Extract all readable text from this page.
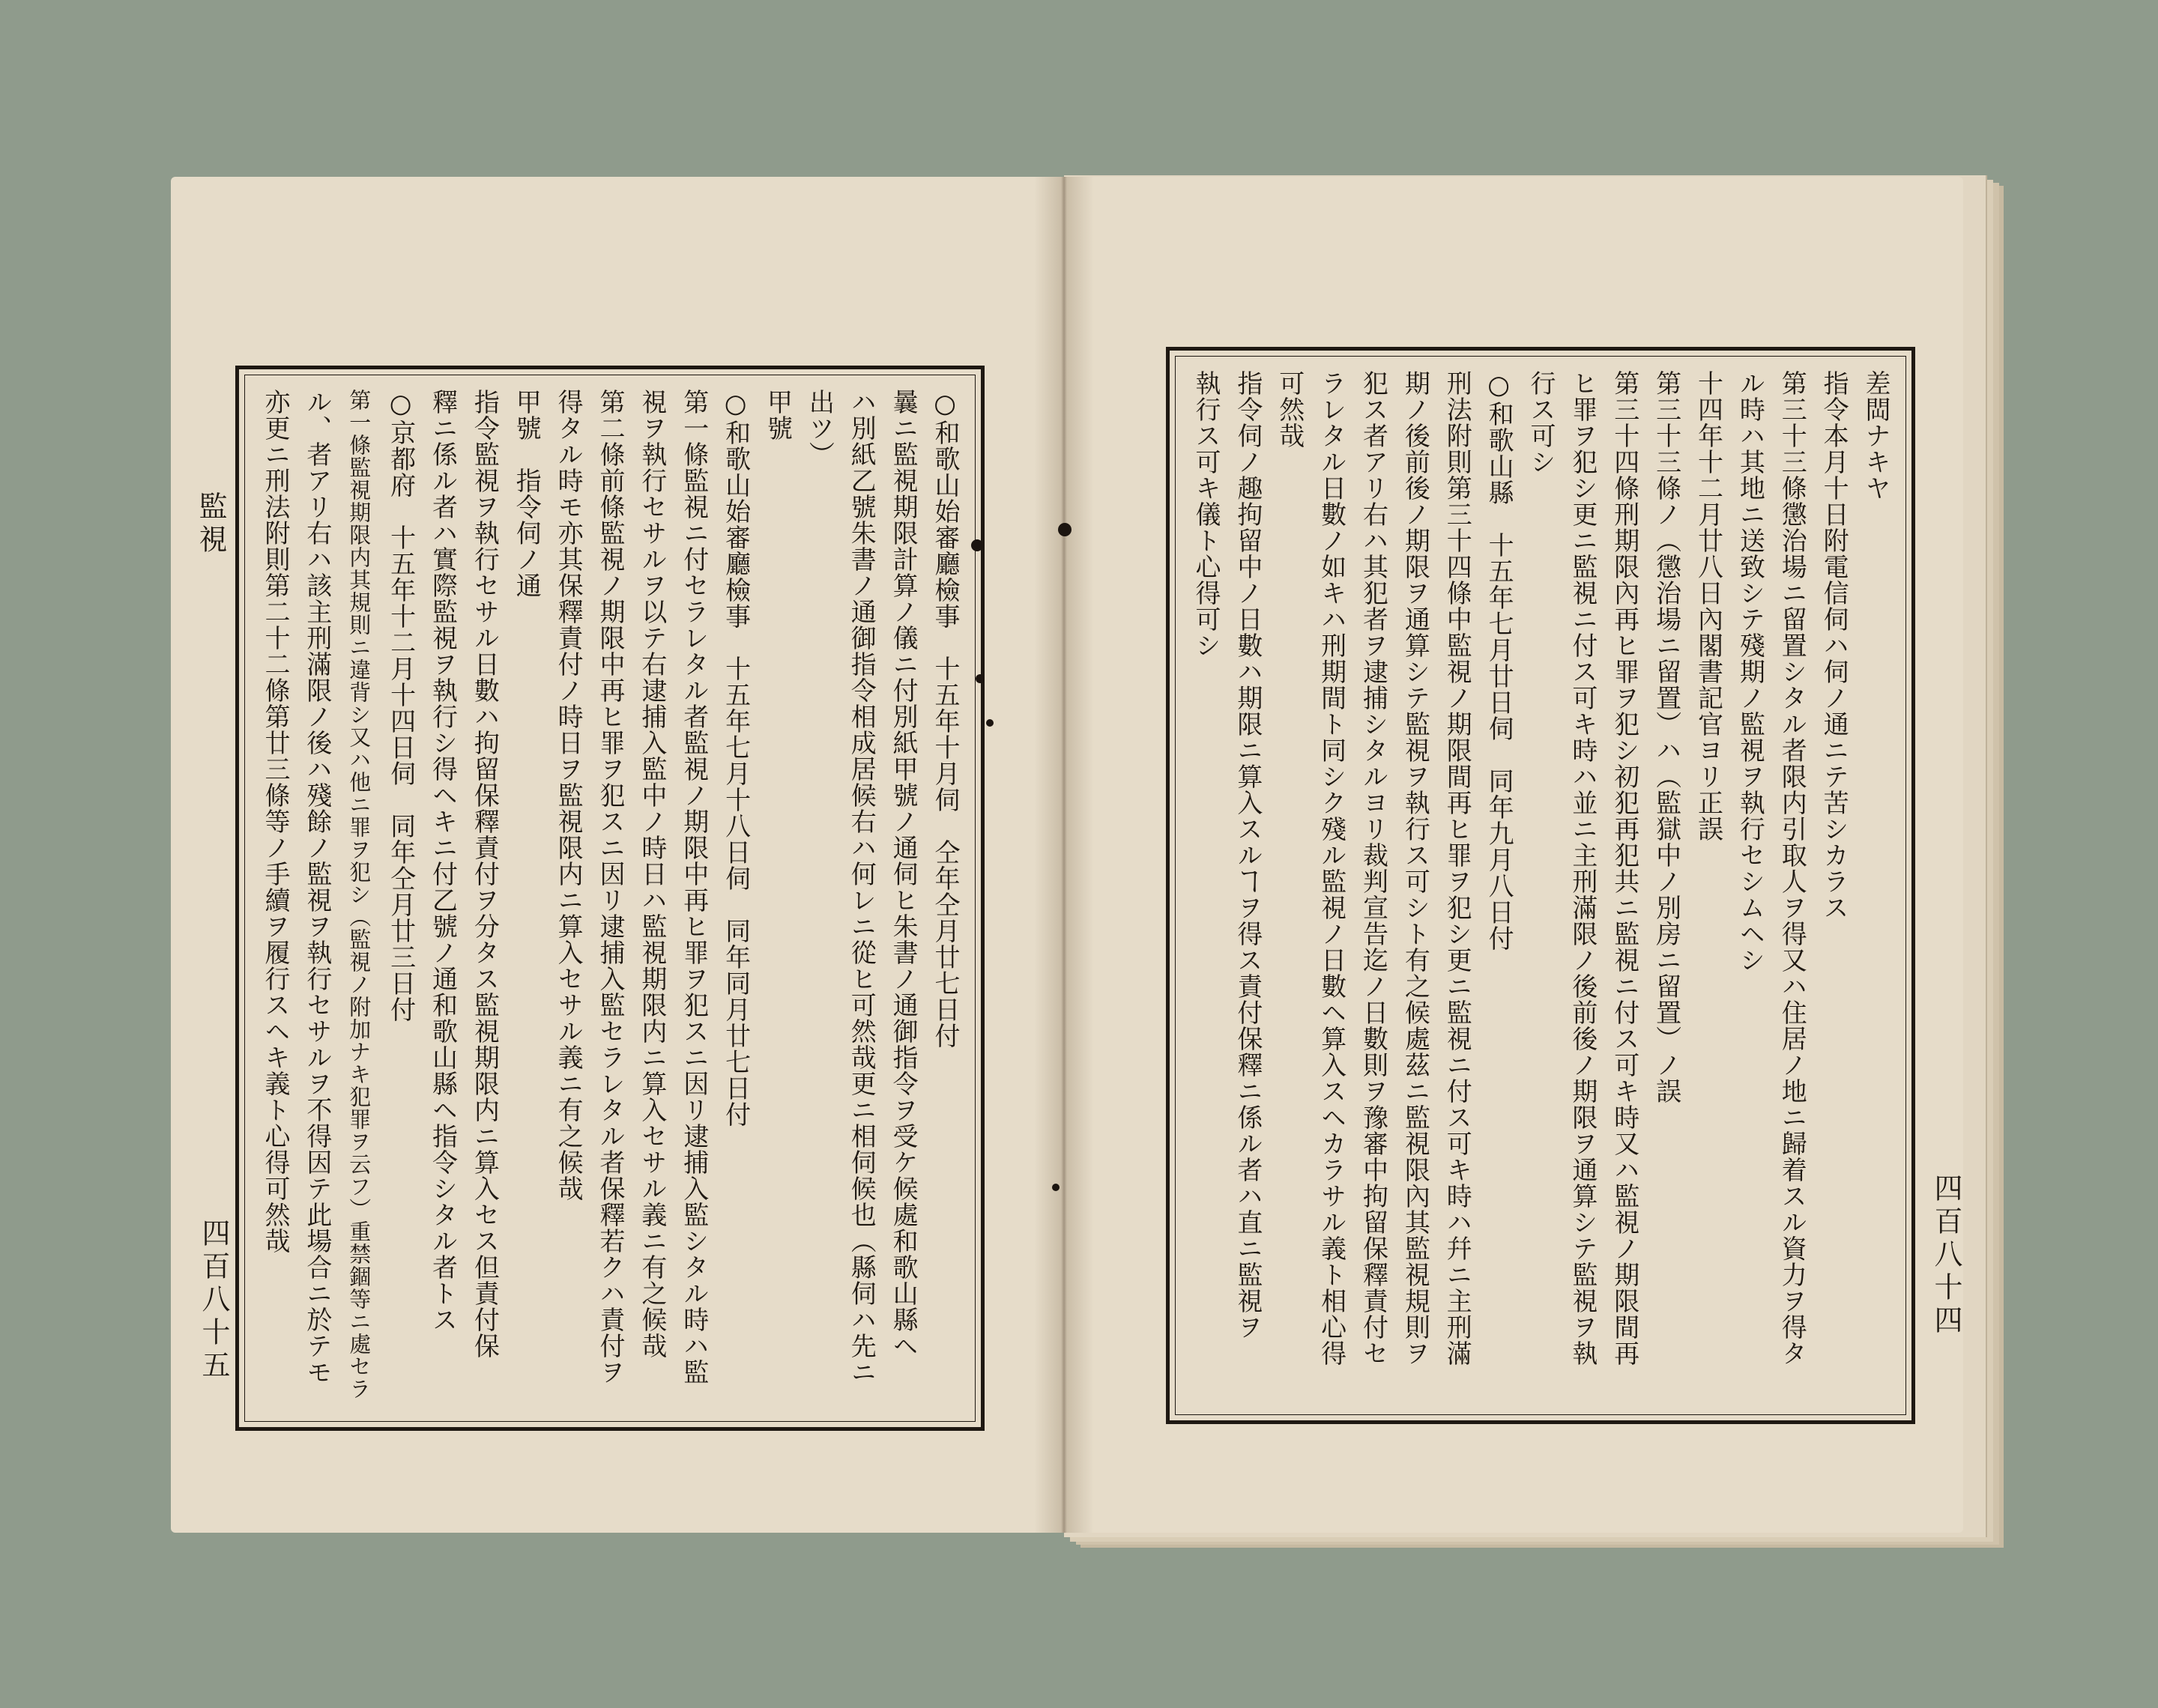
○和歌山始審廳檢事　十五年十月伺　仝年仝月廿七日付
曩ニ監視期限計算ノ儀ニ付別紙甲號ノ通伺ヒ朱書ノ通御指令ヲ受ケ候處和歌山縣ヘ
ハ別紙乙號朱書ノ通御指令相成居候右ハ何レニ從ヒ可然哉更ニ相伺候也（縣伺ハ先ニ
出ツ）
甲號
○和歌山始審廳檢事　十五年七月十八日伺　同年同月廿七日付
第一條監視ニ付セラレタル者監視ノ期限中再ヒ罪ヲ犯スニ因リ逮捕入監シタル時ハ監
視ヲ執行セサルヲ以テ右逮捕入監中ノ時日ハ監視期限内ニ算入セサル義ニ有之候哉
第二條前條監視ノ期限中再ヒ罪ヲ犯スニ因リ逮捕入監セラレタル者保釋若クハ責付ヲ
得タル時モ亦其保釋責付ノ時日ヲ監視限内ニ算入セサル義ニ有之候哉
甲號　指令伺ノ通
指令監視ヲ執行セサル日數ハ拘留保釋責付ヲ分タス監視期限内ニ算入セス但責付保
釋ニ係ル者ハ實際監視ヲ執行シ得ヘキニ付乙號ノ通和歌山縣ヘ指令シタル者トス
○京都府　十五年十二月十四日伺　同年仝月廿三日付
第一條監視期限内其規則ニ違背シ又ハ他ニ罪ヲ犯シ（監視ノ附加ナキ犯罪ヲ云フ）重禁錮等ニ處セラ
ル、者アリ右ハ該主刑滿限ノ後ハ殘餘ノ監視ヲ執行セサルヲ不得因テ此場合ニ於テモ
亦更ニ刑法附則第二十二條第廿三條等ノ手續ヲ履行スヘキ義ト心得可然哉
監視
四百八十五
差閊ナキヤ
指令本月十日附電信伺ハ伺ノ通ニテ苦シカラス
第三十三條懲治場ニ留置シタル者限内引取人ヲ得又ハ住居ノ地ニ歸着スル資力ヲ得タ
ル時ハ其地ニ送致シテ殘期ノ監視ヲ執行セシムヘシ
十四年十二月廿八日內閣書記官ヨリ正誤
第三十三條ノ（懲治場ニ留置）ハ（監獄中ノ別房ニ留置）ノ誤
第三十四條刑期限內再ヒ罪ヲ犯シ初犯再犯共ニ監視ニ付ス可キ時又ハ監視ノ期限間再
ヒ罪ヲ犯シ更ニ監視ニ付ス可キ時ハ並ニ主刑滿限ノ後前後ノ期限ヲ通算シテ監視ヲ執
行ス可シ
○和歌山縣　十五年七月廿日伺　同年九月八日付
刑法附則第三十四條中監視ノ期限間再ヒ罪ヲ犯シ更ニ監視ニ付ス可キ時ハ幷ニ主刑滿
期ノ後前後ノ期限ヲ通算シテ監視ヲ執行ス可シト有之候處茲ニ監視限內其監視規則ヲ
犯ス者アリ右ハ其犯者ヲ逮捕シタルヨリ裁判宣告迄ノ日數則ヲ豫審中拘留保釋責付セ
ラレタル日數ノ如キハ刑期間ト同シク殘ル監視ノ日數ヘ算入スヘカラサル義ト相心得
可然哉
指令伺ノ趣拘留中ノ日數ハ期限ニ算入スルヿヲ得ス責付保釋ニ係ル者ハ直ニ監視ヲ
執行ス可キ儀ト心得可シ
四百八十四
